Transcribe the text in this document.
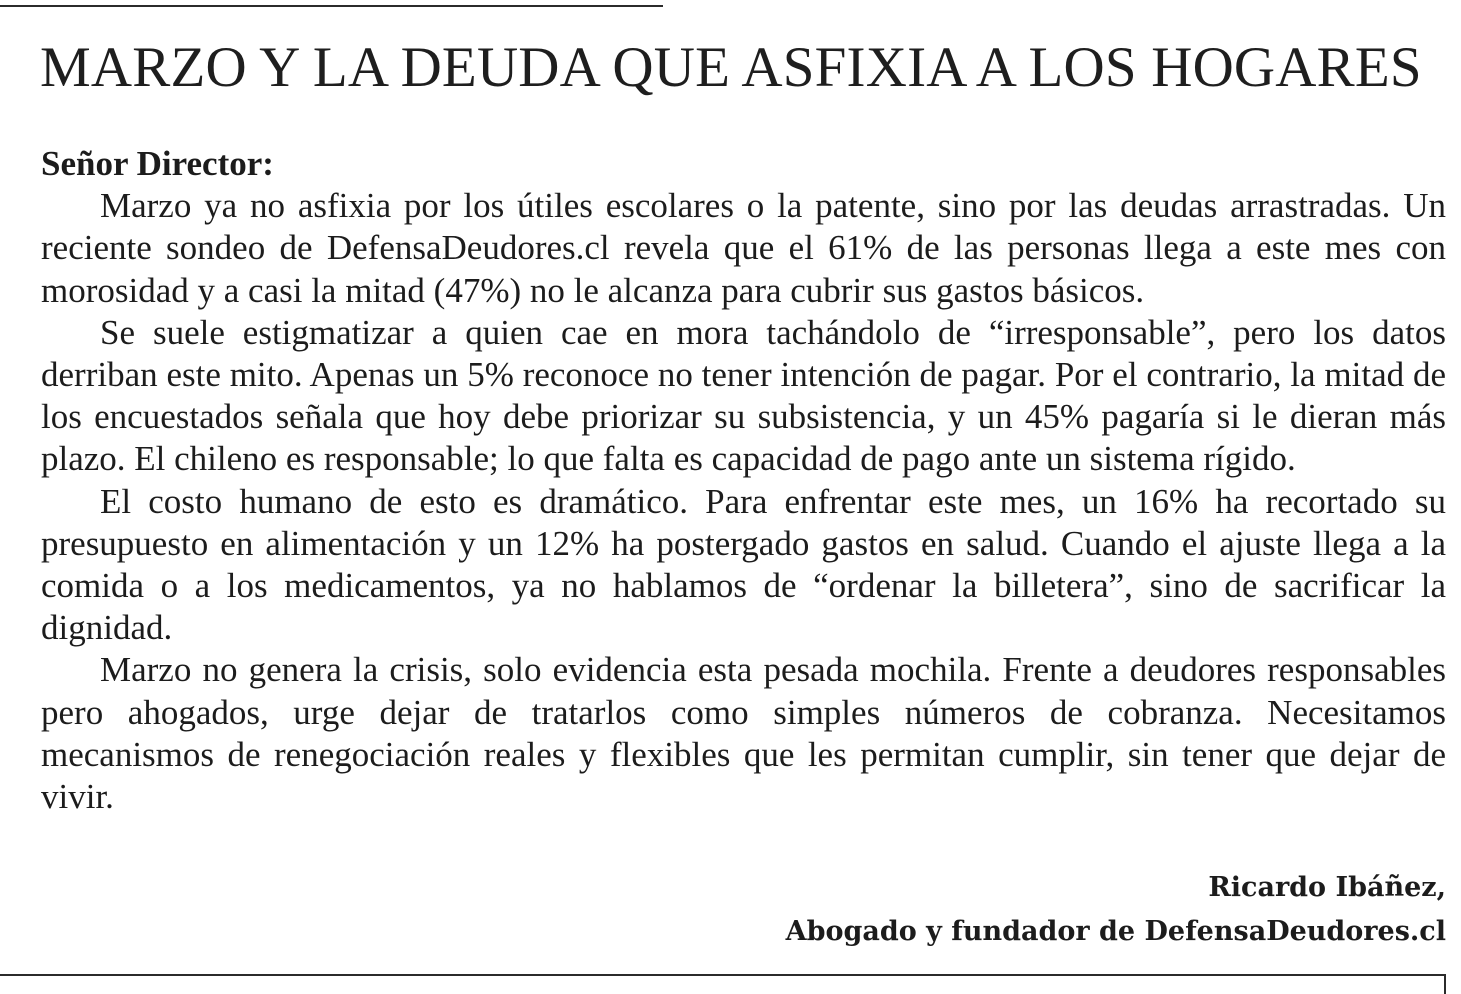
MARZO Y LA DEUDA QUE ASFIXIA A LOS HOGARES

Señor Director:

Marzo ya no asfixia por los útiles escolares o la patente, sino por las deudas arrastradas. Un reciente sondeo de DefensaDeudores.cl revela que el 61% de las personas llega a este mes con morosidad y a casi la mitad (47%) no le alcanza para cubrir sus gastos básicos.

Se suele estigmatizar a quien cae en mora tachándolo de “irresponsable”, pero los datos derriban este mito. Apenas un 5% reconoce no tener intención de pagar. Por el contrario, la mitad de los encuestados señala que hoy debe priorizar su subsistencia, y un 45% pagaría si le dieran más plazo. El chileno es responsable; lo que falta es capacidad de pago ante un sistema rígido.

El costo humano de esto es dramático. Para enfrentar este mes, un 16% ha recortado su presupuesto en alimentación y un 12% ha postergado gastos en salud. Cuando el ajuste llega a la comida o a los medicamentos, ya no hablamos de “ordenar la billetera”, sino de sacrificar la dignidad.

Marzo no genera la crisis, solo evidencia esta pesada mochila. Frente a deudores responsables pero ahogados, urge dejar de tratarlos como simples números de cobranza. Necesitamos mecanismos de renegociación reales y flexibles que les permitan cumplir, sin tener que dejar de vivir.

Ricardo Ibáñez,
Abogado y fundador de DefensaDeudores.cl
